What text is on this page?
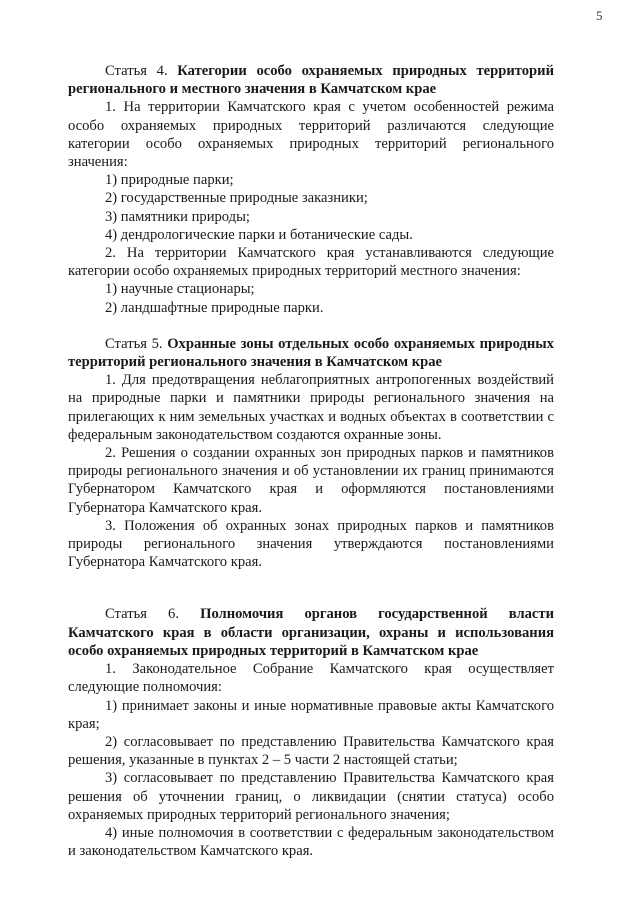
5

Статья 4. Категории особо охраняемых природных территорий регионального и местного значения в Камчатском крае

1. На территории Камчатского края с учетом особенностей режима особо охраняемых природных территорий различаются следующие категории особо охраняемых природных территорий регионального значения:

1) природные парки;

2) государственные природные заказники;

3) памятники природы;

4) дендрологические парки и ботанические сады.

2. На территории Камчатского края устанавливаются следующие категории особо охраняемых природных территорий местного значения:

1) научные стационары;

2) ландшафтные природные парки.

Статья 5. Охранные зоны отдельных особо охраняемых природных территорий регионального значения в Камчатском крае

1. Для предотвращения неблагоприятных антропогенных воздействий на природные парки и памятники природы регионального значения на прилегающих к ним земельных участках и водных объектах в соответствии с федеральным законодательством создаются охранные зоны.

2. Решения о создании охранных зон природных парков и памятников природы регионального значения и об установлении их границ принимаются Губернатором Камчатского края и оформляются постановлениями Губернатора Камчатского края.

3. Положения об охранных зонах природных парков и памятников природы регионального значения утверждаются постановлениями Губернатора Камчатского края.

Статья 6. Полномочия органов государственной власти Камчатского края в области организации, охраны и использования особо охраняемых природных территорий в Камчатском крае

1. Законодательное Собрание Камчатского края осуществляет следующие полномочия:

1) принимает законы и иные нормативные правовые акты Камчатского края;

2) согласовывает по представлению Правительства Камчатского края решения, указанные в пунктах 2 – 5 части 2 настоящей статьи;

3) согласовывает по представлению Правительства Камчатского края решения об уточнении границ, о ликвидации (снятии статуса) особо охраняемых природных территорий регионального значения;

4) иные полномочия в соответствии с федеральным законодательством и законодательством Камчатского края.
